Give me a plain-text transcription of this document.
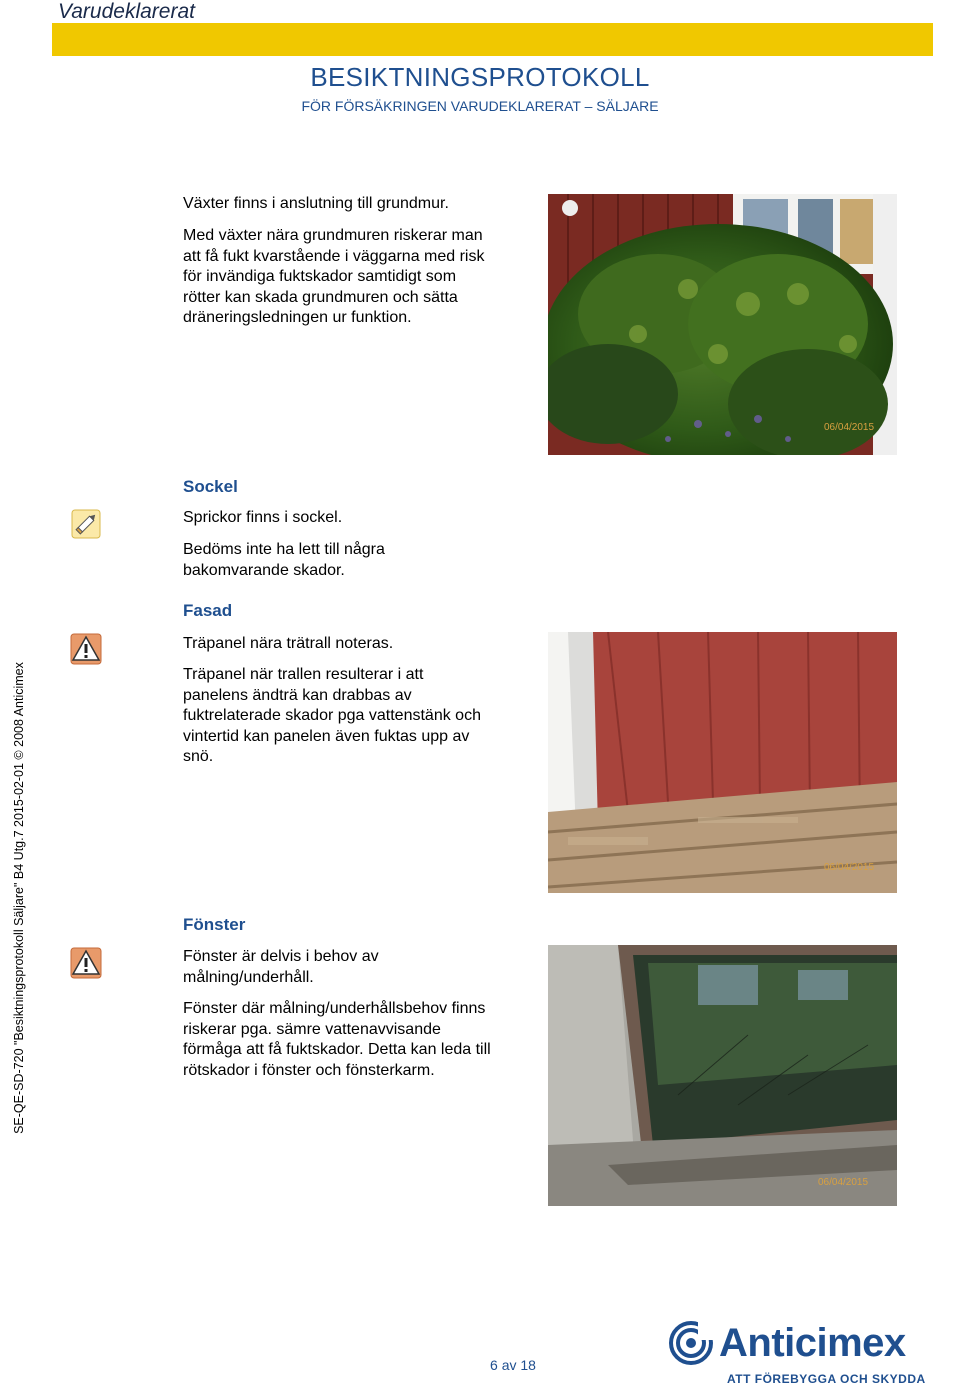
Varudeklarerat
BESIKTNINGSPROTOKOLL
FÖR FÖRSÄKRINGEN VARUDEKLARERAT – SÄLJARE
SE-QE-SD-720 "Besiktningsprotokoll Säljare" B4 Utg.7 2015-02-01 © 2008 Anticimex
Växter finns i anslutning till grundmur.
Med växter nära grundmuren riskerar man
att få fukt kvarstående i väggarna med risk
för invändiga fuktskador samtidigt som
rötter kan skada grundmuren och sätta
dräneringsledningen ur funktion.
06/04/2015
Sockel
Sprickor finns i sockel.
Bedöms inte ha lett till några
bakomvarande skador.
Fasad
Träpanel nära trätrall noteras.
Träpanel när trallen resulterar i att
panelens ändträ kan drabbas av
fuktrelaterade skador pga vattenstänk och
vintertid kan panelen även fuktas upp av
snö.
06/04/2015
Fönster
Fönster är delvis i behov av
målning/underhåll.
Fönster där målning/underhållsbehov finns
riskerar pga. sämre vattenavvisande
förmåga att få fuktskador. Detta kan leda till
rötskador i fönster och fönsterkarm.
06/04/2015
6 av 18	Anticimex
ATT FÖREBYGGA OCH SKYDDA
